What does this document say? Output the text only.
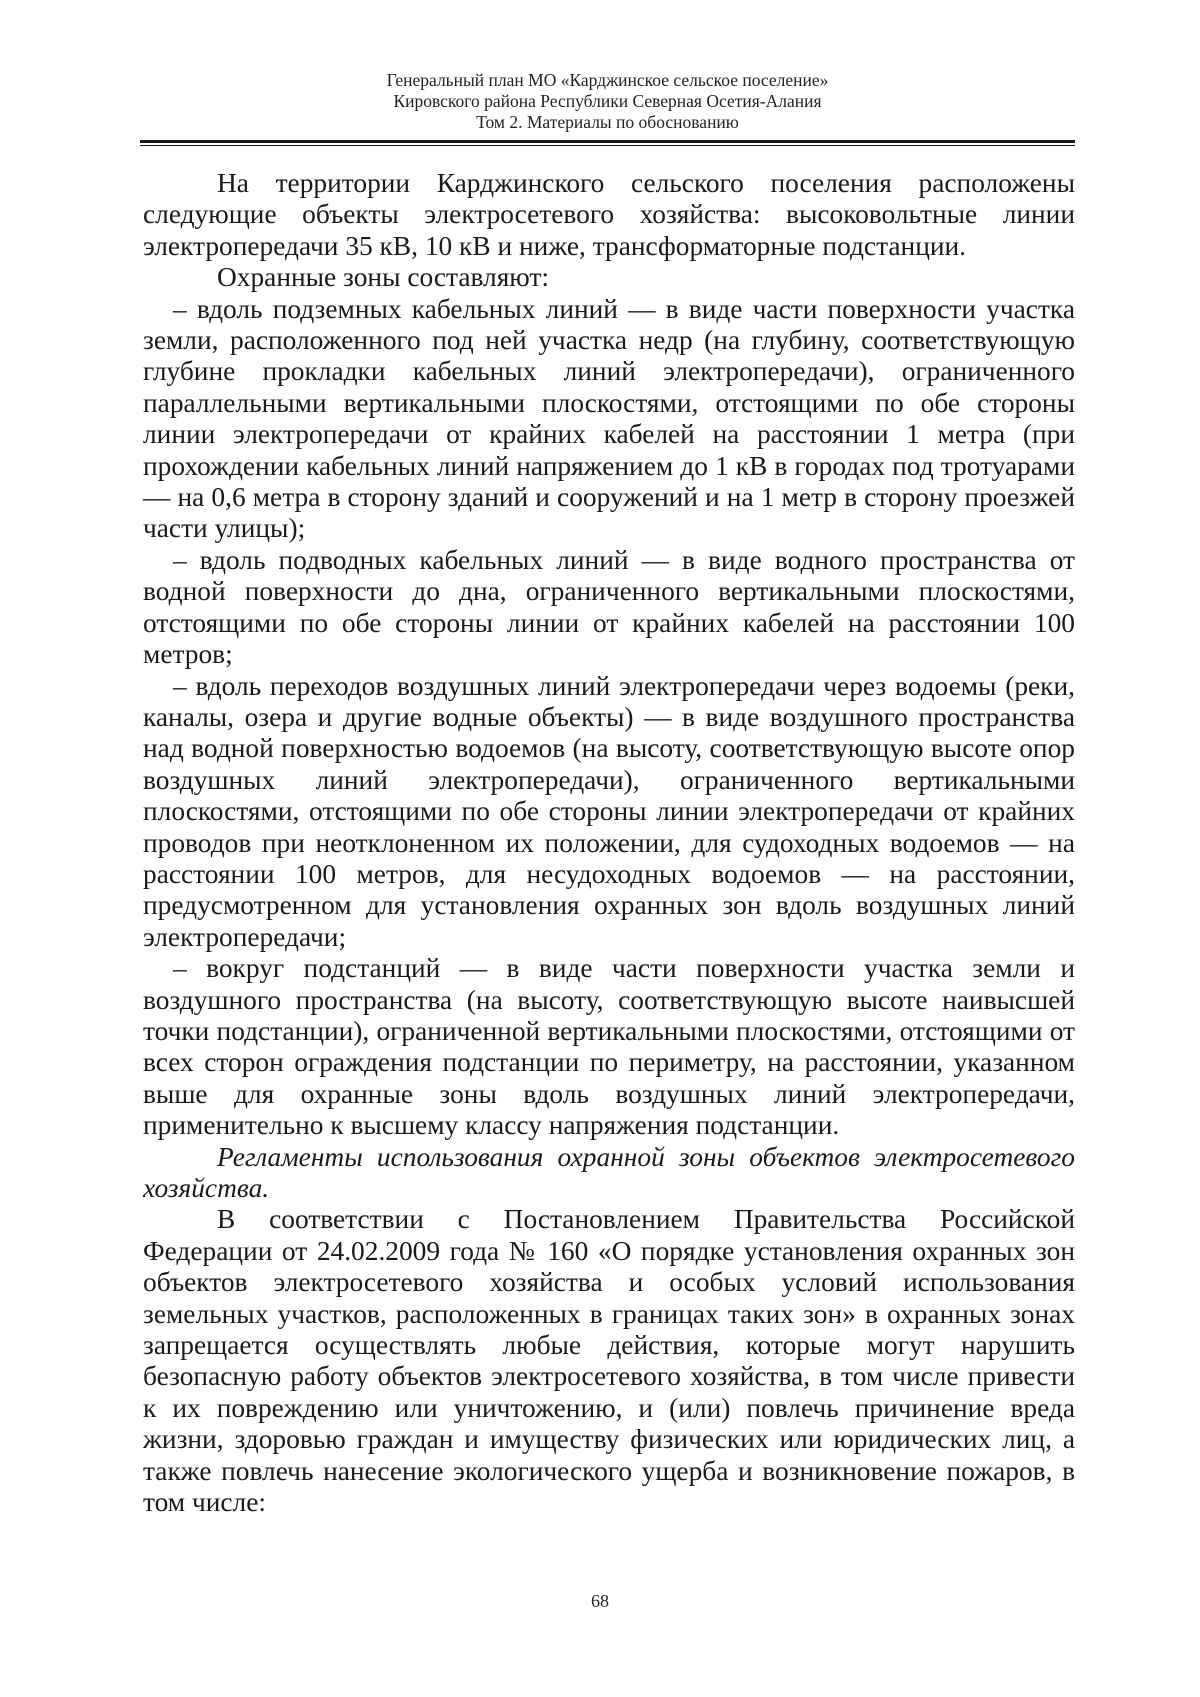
Генеральный план МО «Карджинское сельское поселение»
Кировского района Республики Северная Осетия-Алания
Том 2. Материалы по обоснованию

На территории Карджинского сельского поселения расположены следующие объекты электросетевого хозяйства: высоковольтные линии электропередачи 35 кВ, 10 кВ и ниже, трансформаторные подстанции.

Охранные зоны составляют:

– вдоль подземных кабельных линий — в виде части поверхности участка земли, расположенного под ней участка недр (на глубину, соответствующую глубине прокладки кабельных линий электропередачи), ограниченного параллельными вертикальными плоскостями, отстоящими по обе стороны линии электропередачи от крайних кабелей на расстоянии 1 метра (при прохождении кабельных линий напряжением до 1 кВ в городах под тротуарами — на 0,6 метра в сторону зданий и сооружений и на 1 метр в сторону проезжей части улицы);

– вдоль подводных кабельных линий — в виде водного пространства от водной поверхности до дна, ограниченного вертикальными плоскостями, отстоящими по обе стороны линии от крайних кабелей на расстоянии 100 метров;

– вдоль переходов воздушных линий электропередачи через водоемы (реки, каналы, озера и другие водные объекты) — в виде воздушного пространства над водной поверхностью водоемов (на высоту, соответствующую высоте опор воздушных линий электропередачи), ограниченного вертикальными плоскостями, отстоящими по обе стороны линии электропередачи от крайних проводов при неотклоненном их положении, для судоходных водоемов — на расстоянии 100 метров, для несудоходных водоемов — на расстоянии, предусмотренном для установления охранных зон вдоль воздушных линий электропередачи;

– вокруг подстанций — в виде части поверхности участка земли и воздушного пространства (на высоту, соответствующую высоте наивысшей точки подстанции), ограниченной вертикальными плоскостями, отстоящими от всех сторон ограждения подстанции по периметру, на расстоянии, указанном выше для охранные зоны вдоль воздушных линий электропередачи, применительно к высшему классу напряжения подстанции.

Регламенты использования охранной зоны объектов электросетевого хозяйства.

В соответствии с Постановлением Правительства Российской Федерации от 24.02.2009 года № 160 «О порядке установления охранных зон объектов электросетевого хозяйства и особых условий использования земельных участков, расположенных в границах таких зон» в охранных зонах запрещается осуществлять любые действия, которые могут нарушить безопасную работу объектов электросетевого хозяйства, в том числе привести к их повреждению или уничтожению, и (или) повлечь причинение вреда жизни, здоровью граждан и имуществу физических или юридических лиц, а также повлечь нанесение экологического ущерба и возникновение пожаров, в том числе:

68
